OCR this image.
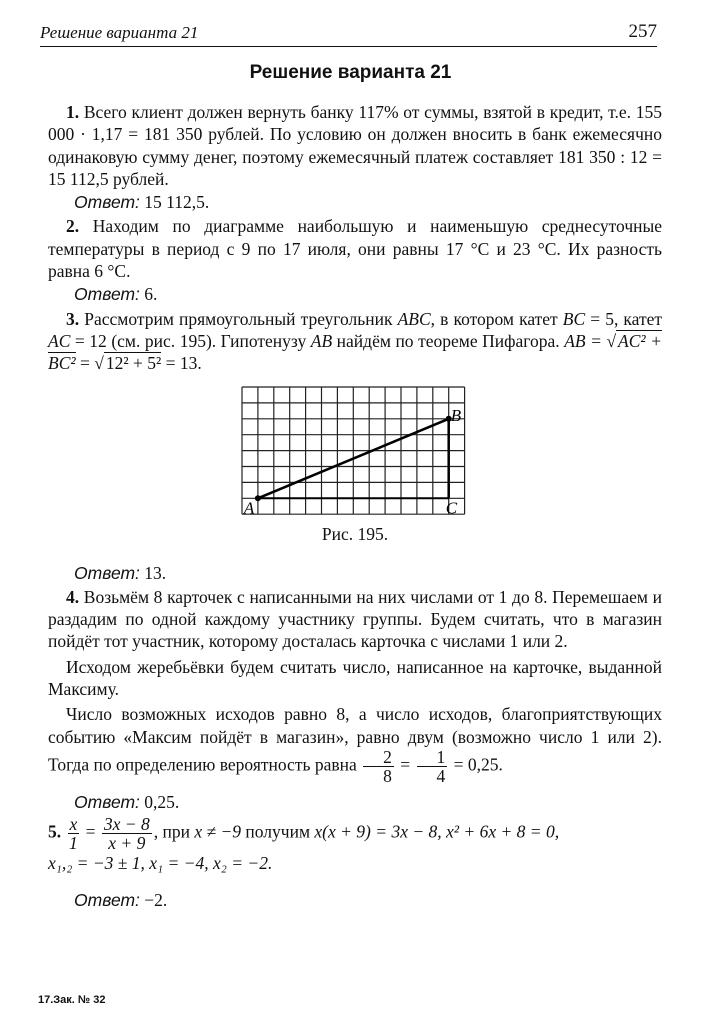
Решение варианта 21	257
Решение варианта 21

1. Всего клиент должен вернуть банку 117% от суммы, взятой в кредит, т.е. 155 000 · 1,17 = 181 350 рублей. По условию он должен вносить в банк ежемесячно одинаковую сумму денег, поэтому ежемесячный платеж составляет 181 350 : 12 = 15 112,5 рублей.

Ответ: 15 112,5.

2. Находим по диаграмме наибольшую и наименьшую среднесуточные температуры в период с 9 по 17 июля, они равны 17 °C и 23 °C. Их разность равна 6 °C.

Ответ: 6.

3. Рассмотрим прямоугольный треугольник ABC, в котором катет BC = 5, катет AC = 12 (см. рис. 195). Гипотенузу AB найдём по теореме Пифагора. AB = √ AC² + BC² = √ 12² + 5² = 13.

A
B
C
Рис. 195.

Ответ: 13.

4. Возьмём 8 карточек с написанными на них числами от 1 до 8. Перемешаем и раздадим по одной каждому участнику группы. Будем считать, что в магазин пойдёт тот участник, которому досталась карточка с числами 1 или 2.

Исходом жеребьёвки будем считать число, написанное на карточке, выданной Максиму.

Число возможных исходов равно 8, а число исходов, благоприятствующих событию «Максим пойдёт в магазин», равно двум (возможно число 1 или 2). Тогда по определению вероятность равна $\frac{2}{8} = \frac{1}{4} = 0,25$.

Ответ: 0,25.

5. $\frac{x}{1} = \frac{3x - 8}{x + 9}$ , при x ≠ −9 получим x(x + 9) = 3x − 8, x² + 6x + 8 = 0,
x₁,₂ = −3 ± 1, x₁ = −4, x₂ = −2.

Ответ: −2.

17.Зак. № 32
